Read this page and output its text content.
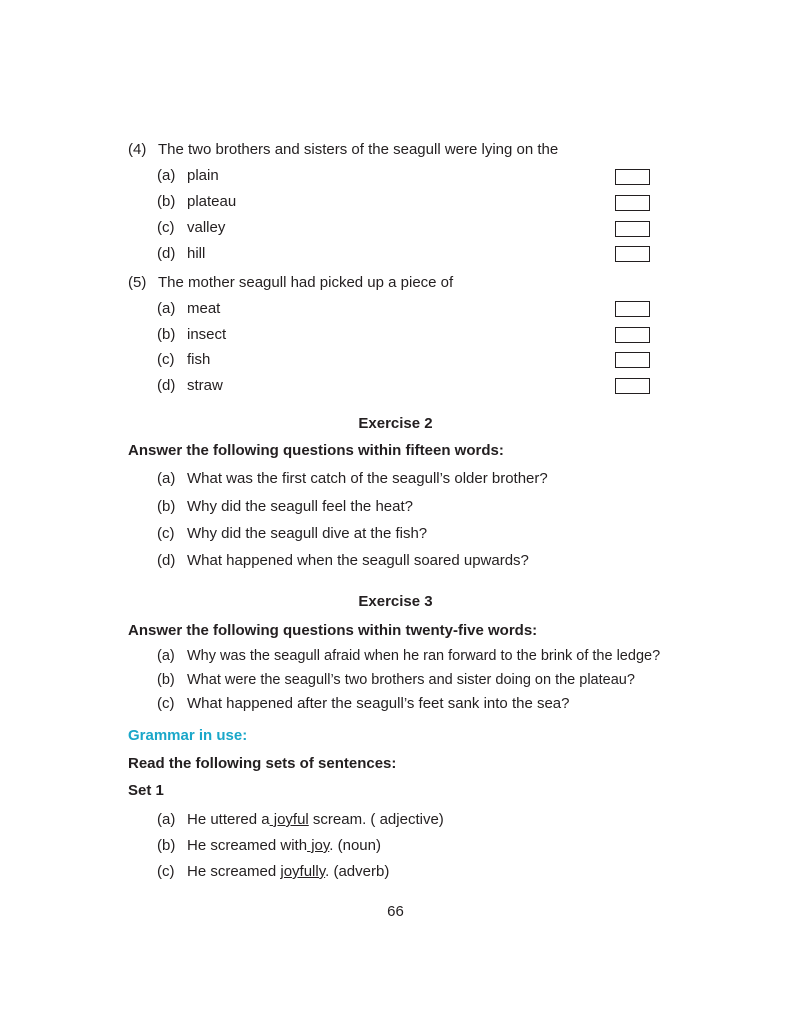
(4) The two brothers and sisters of the seagull were lying on the
(a) plain
(b) plateau
(c) valley
(d) hill
(5) The mother seagull had picked up a piece of
(a) meat
(b) insect
(c) fish
(d) straw
Exercise 2
Answer the following questions within fifteen words:
(a) What was the first catch of the seagull’s older brother?
(b) Why did the seagull feel the heat?
(c) Why did the seagull dive at the fish?
(d) What happened when the seagull soared upwards?
Exercise 3
Answer the following questions within twenty-five words:
(a) Why was the seagull afraid when he ran forward to the brink of the ledge?
(b) What were the seagull’s two brothers and sister doing on the plateau?
(c) What happened after the seagull’s feet sank into the sea?
Grammar in use:
Read the following sets of sentences:
Set 1
(a) He uttered a joyful scream. ( adjective)
(b) He screamed with joy. (noun)
(c) He screamed joyfully. (adverb)
66
